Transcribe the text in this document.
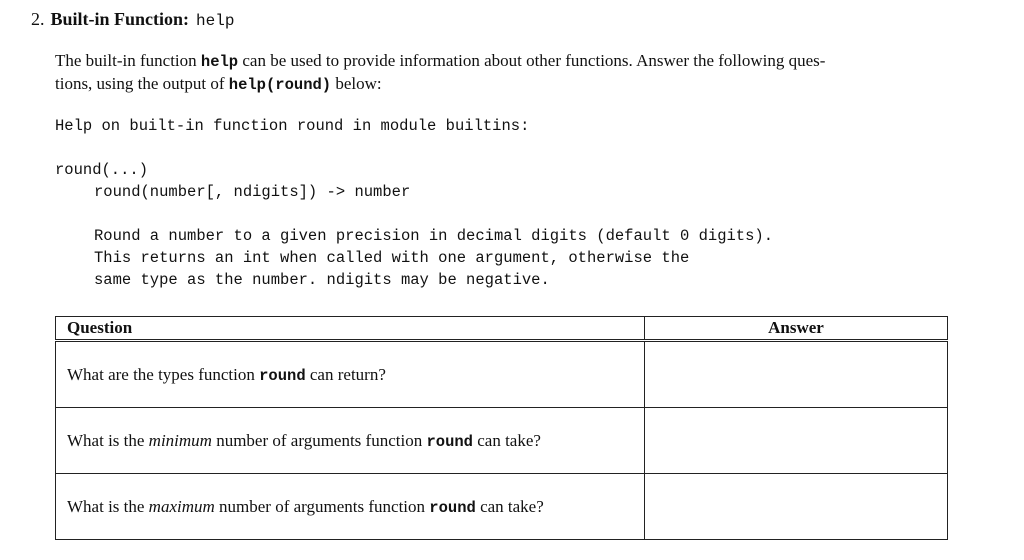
2. Built-in Function: help
The built-in function help can be used to provide information about other functions. Answer the following ques-
tions, using the output of help(round) below:
Help on built-in function round in module builtins:
round(...)
round(number[, ndigits]) -> number
Round a number to a given precision in decimal digits (default 0 digits).
This returns an int when called with one argument, otherwise the
same type as the number. ndigits may be negative.
Question	Answer

What are the types function round can return?	
What is the minimum number of arguments function round can take?	
What is the maximum number of arguments function round can take?	
